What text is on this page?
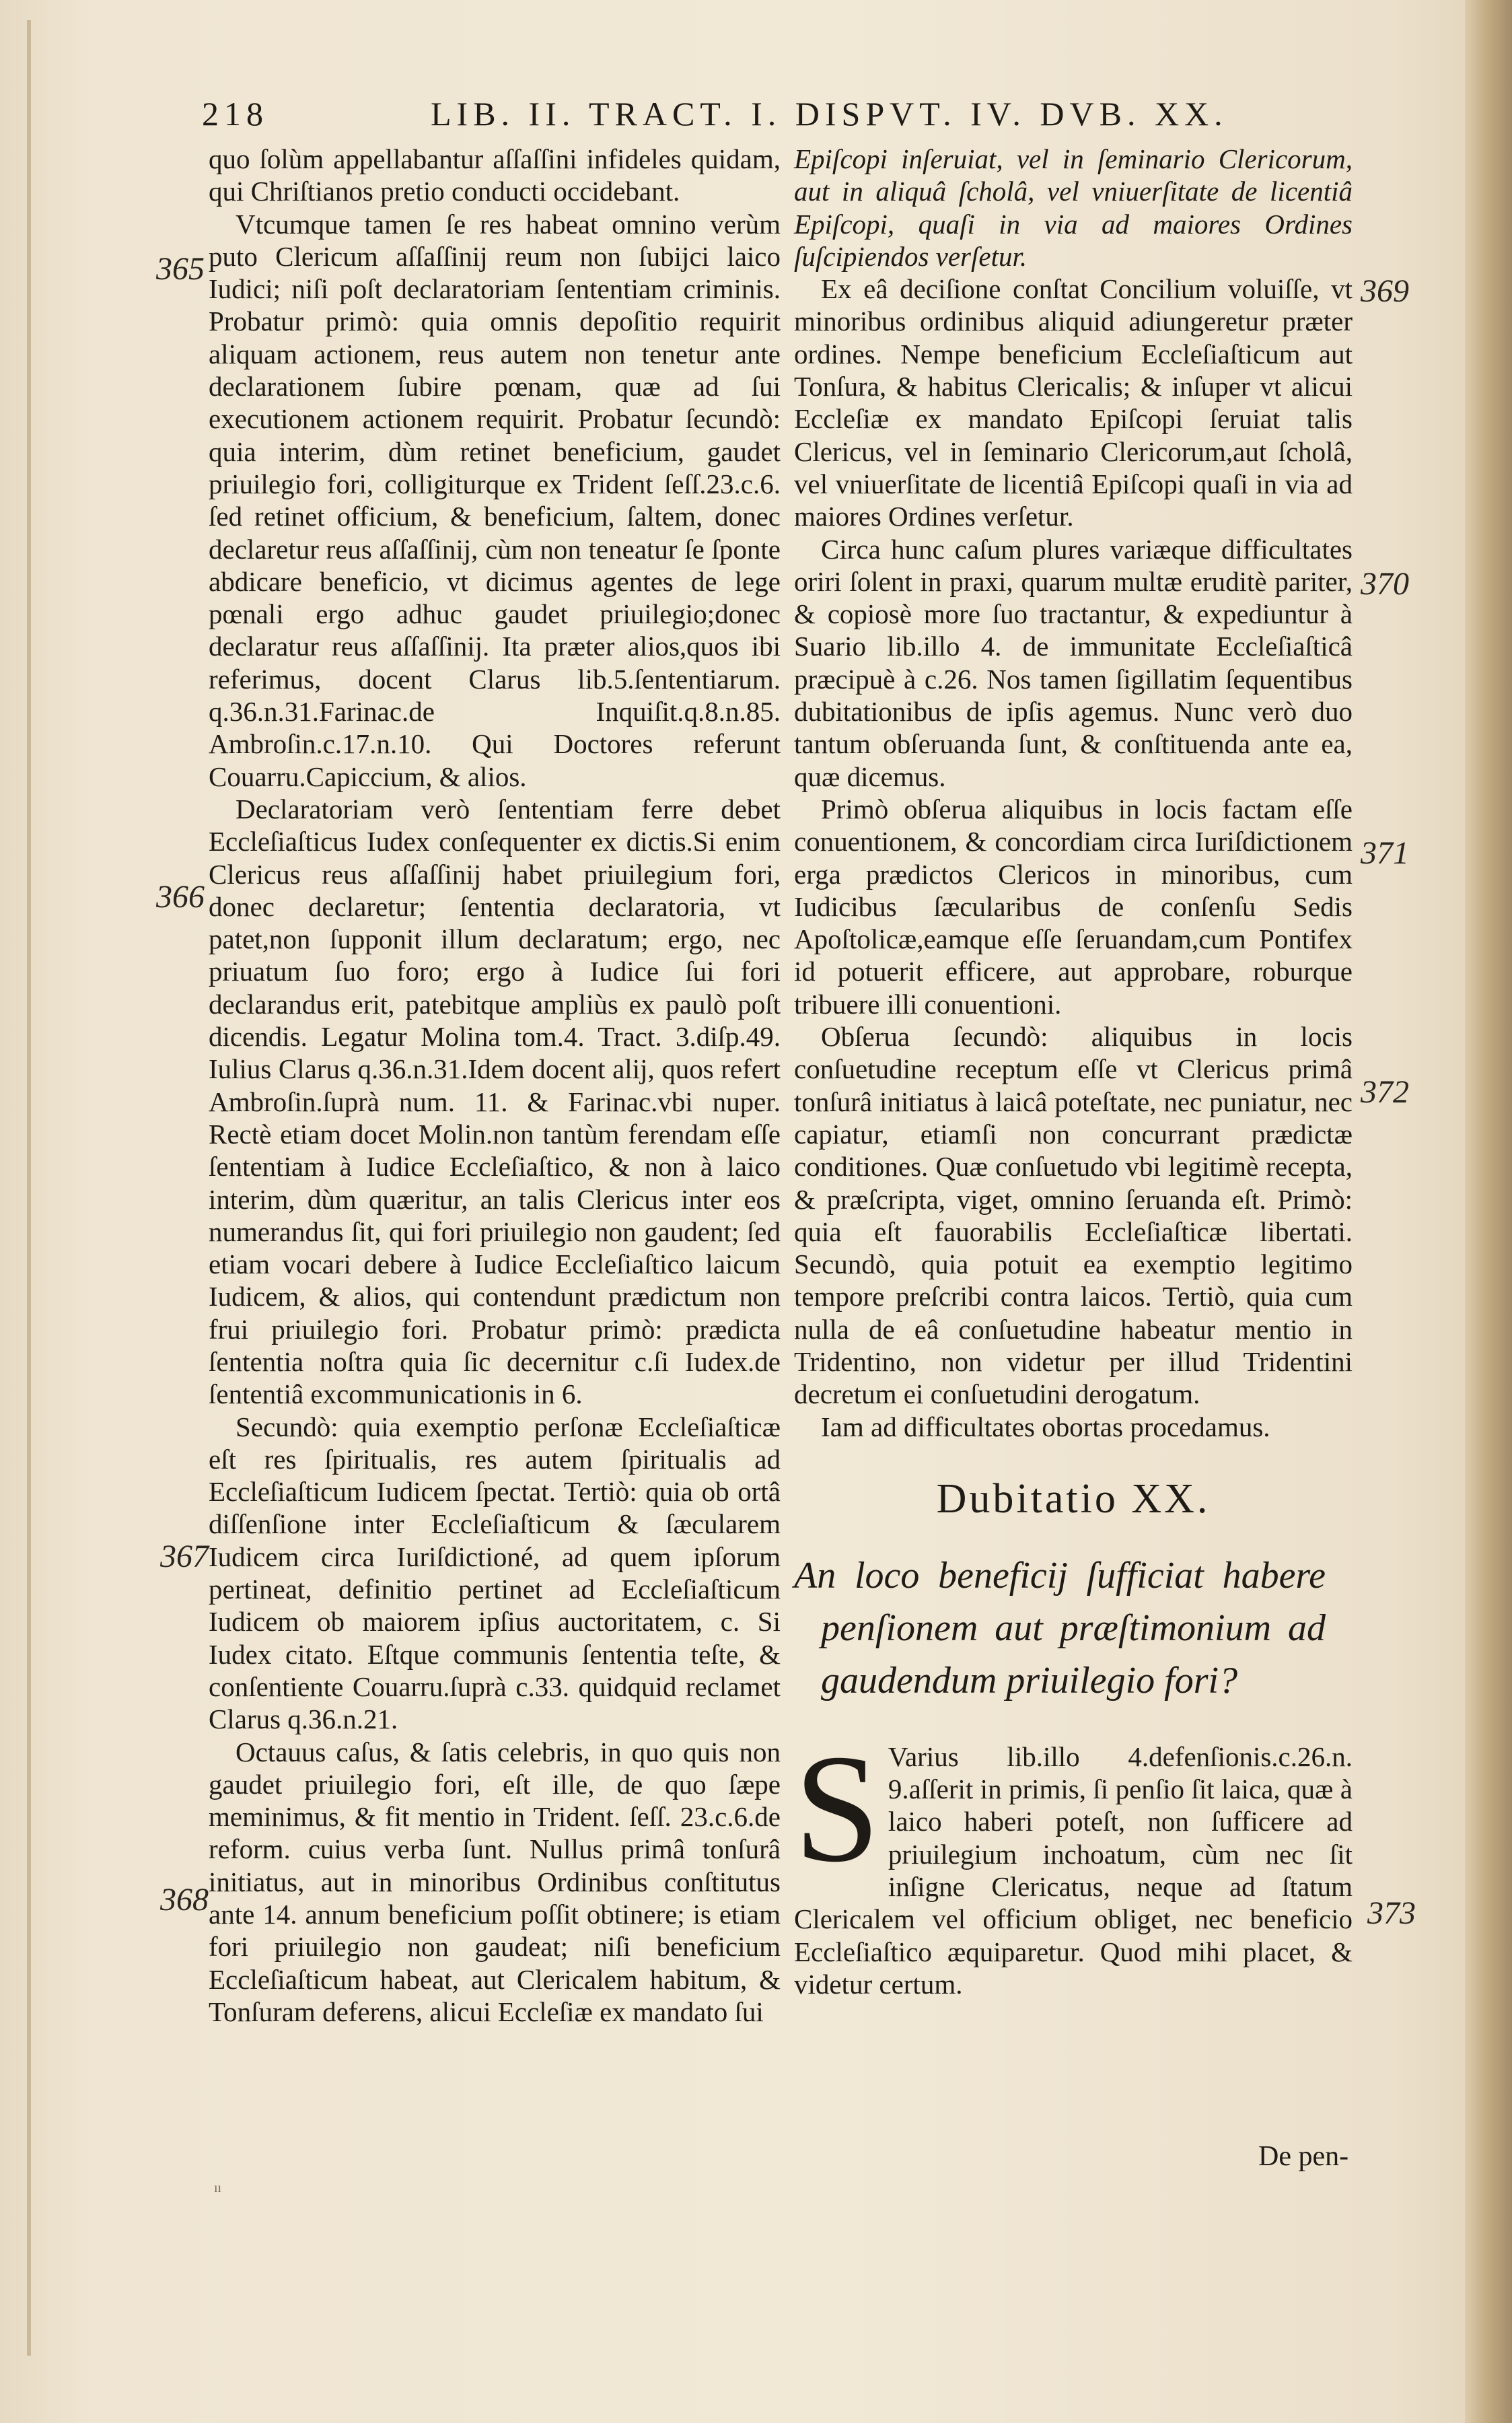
218	LIB. II. TRACT. I. DISPVT. IV. DVB. XX.
365
366
367
368
369
370
371
372
373

quo ſolùm appellabantur aſſaſſini infideles quidam, qui Chriſtianos pretio conducti occidebant.

Vtcumque tamen ſe res habeat omnino verùm puto Clericum aſſaſſinij reum non ſubijci laico Iudici; niſi poſt declaratoriam ſententiam criminis. Probatur primò: quia omnis depoſitio requirit aliquam actionem, reus autem non tenetur ante declarationem ſubire pœnam, quæ ad ſui executionem actionem requirit. Probatur ſecundò: quia interim, dùm retinet beneficium, gaudet priuilegio fori, colligiturque ex Trident ſeſſ.23.c.6. ſed retinet officium, & beneficium, ſaltem, donec declaretur reus aſſaſſinij, cùm non teneatur ſe ſponte abdicare beneficio, vt dicimus agentes de lege pœnali ergo adhuc gaudet priuilegio;donec declaratur reus aſſaſſinij. Ita præter alios,quos ibi referimus, docent Clarus lib.5.ſententiarum. q.36.n.31.Farinac.de Inquiſit.q.8.n.85. Ambroſin.c.17.n.10. Qui Doctores referunt Couarru.Capiccium, & alios.

Declaratoriam verò ſententiam ferre debet Eccleſiaſticus Iudex conſequenter ex dictis.Si enim Clericus reus aſſaſſinij habet priuilegium fori, donec declaretur; ſententia declaratoria, vt patet,non ſupponit illum declaratum; ergo, nec priuatum ſuo foro; ergo à Iudice ſui fori declarandus erit, patebitque ampliùs ex paulò poſt dicendis. Legatur Molina tom.4. Tract. 3.diſp.49. Iulius Clarus q.36.n.31.Idem docent alij, quos refert Ambroſin.ſuprà num. 11. & Farinac.vbi nuper. Rectè etiam docet Molin.non tantùm ferendam eſſe ſententiam à Iudice Eccleſiaſtico, & non à laico interim, dùm quæritur, an talis Clericus inter eos numerandus ſit, qui fori priuilegio non gaudent; ſed etiam vocari debere à Iudice Eccleſiaſtico laicum Iudicem, & alios, qui contendunt prædictum non frui priuilegio fori. Probatur primò: prædicta ſententia noſtra quia ſic decernitur c.ſi Iudex.de ſententiâ excommunicationis in 6.

Secundò: quia exemptio perſonæ Eccleſiaſticæ eſt res ſpiritualis, res autem ſpiritualis ad Eccleſiaſticum Iudicem ſpectat. Tertiò: quia ob ortâ diſſenſione inter Eccleſiaſticum & ſæcularem Iudicem circa Iuriſdictioné, ad quem ipſorum pertineat, definitio pertinet ad Eccleſiaſticum Iudicem ob maiorem ipſius auctoritatem, c. Si Iudex citato. Eſtque communis ſententia teſte, & conſentiente Couarru.ſuprà c.33. quidquid reclamet Clarus q.36.n.21.

Octauus caſus, & ſatis celebris, in quo quis non gaudet priuilegio fori, eſt ille, de quo ſæpe meminimus, & fit mentio in Trident. ſeſſ. 23.c.6.de reform. cuius verba ſunt. Nullus primâ tonſurâ initiatus, aut in minoribus Ordinibus conſtitutus ante 14. annum beneficium poſſit obtinere; is etiam fori priuilegio non gaudeat; niſi beneficium Eccleſiaſticum habeat, aut Clericalem habitum, & Tonſuram deferens, alicui Eccleſiæ ex mandato ſui

Epiſcopi inſeruiat, vel in ſeminario Clericorum, aut in aliquâ ſcholâ, vel vniuerſitate de licentiâ Epiſcopi, quaſi in via ad maiores Ordines ſuſcipiendos verſetur.

Ex eâ deciſione conſtat Concilium voluiſſe, vt minoribus ordinibus aliquid adiungeretur præter ordines. Nempe beneficium Eccleſiaſticum aut Tonſura, & habitus Clericalis; & inſuper vt alicui Eccleſiæ ex mandato Epiſcopi ſeruiat talis Clericus, vel in ſeminario Clericorum,aut ſcholâ, vel vniuerſitate de licentiâ Epiſcopi quaſi in via ad maiores Ordines verſetur.

Circa hunc caſum plures variæque difficultates oriri ſolent in praxi, quarum multæ eruditè pariter, & copiosè more ſuo tractantur, & expediuntur à Suario lib.illo 4. de immunitate Eccleſiaſticâ præcipuè à c.26. Nos tamen ſigillatim ſequentibus dubitationibus de ipſis agemus. Nunc verò duo tantum obſeruanda ſunt, & conſtituenda ante ea, quæ dicemus.

Primò obſerua aliquibus in locis factam eſſe conuentionem, & concordiam circa Iuriſdictionem erga prædictos Clericos in minoribus, cum Iudicibus ſæcularibus de conſenſu Sedis Apoſtolicæ,eamque eſſe ſeruandam,cum Pontifex id potuerit efficere, aut approbare, roburque tribuere illi conuentioni.

Obſerua ſecundò: aliquibus in locis conſuetudine receptum eſſe vt Clericus primâ tonſurâ initiatus à laicâ poteſtate, nec puniatur, nec capiatur, etiamſi non concurrant prædictæ conditiones. Quæ conſuetudo vbi legitimè recepta, & præſcripta, viget, omnino ſeruanda eſt. Primò: quia eſt fauorabilis Eccleſiaſticæ libertati. Secundò, quia potuit ea exemptio legitimo tempore preſcribi contra laicos. Tertiò, quia cum nulla de eâ conſuetudine habeatur mentio in Tridentino, non videtur per illud Tridentini decretum ei conſuetudini derogatum.

Iam ad difficultates obortas procedamus.

Dubitatio XX.
An loco beneficij ſufficiat habere penſionem aut præſtimonium ad gaudendum priuilegio fori?

S Varius lib.illo 4.defenſionis.c.26.n. 9.aſſerit in primis, ſi penſio ſit laica, quæ à laico haberi poteſt, non ſufficere ad priuilegium inchoatum, cùm nec ſit inſigne Clericatus, neque ad ſtatum Clericalem vel officium obliget, nec beneficio Eccleſiaſtico æquiparetur. Quod mihi placet, & videtur certum.

De pen-
ıı
